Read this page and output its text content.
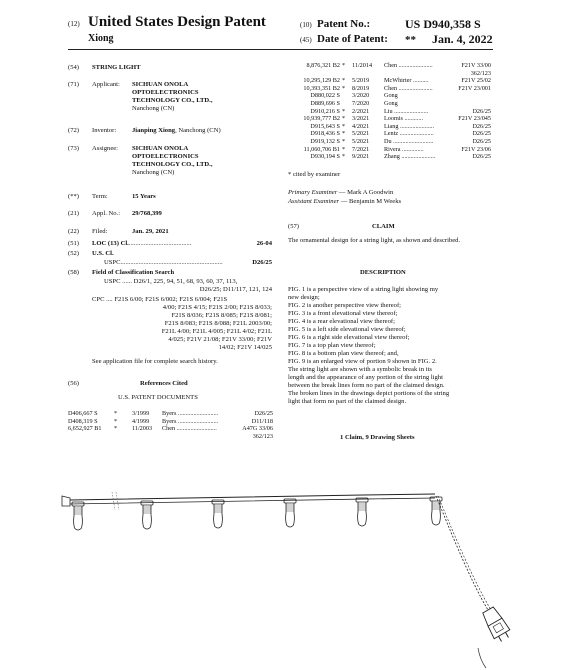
(12) United States Design Patent
Xiong
(10) Patent No.:	US D940,358 S
(45) Date of Patent: ** Jan. 4, 2022
(54) STRING LIGHT
(71) Applicant: SICHUAN ONOLA
OPTOELECTRONICS
TECHNOLOGY CO., LTD.,
Nanchong (CN)
(72) Inventor: Jianping Xiong, Nanchong (CN)
(73) Assignee: SICHUAN ONOLA
OPTOELECTRONICS
TECHNOLOGY CO., LTD.,
Nanchong (CN)
(**) Term:	15 Years
(21) Appl. No.: 29/768,399
(22) Filed:	Jan. 29, 2021
(51) LOC (13) Cl. ......................................	26-04
(52) U.S. Cl.
USPC ..............................................................	D26/25
(58) Field of Classification Search
USPC ...... D26/1, 225, 94, 51, 68, 93, 60, 37, 113,
D26/25; D11/117, 121, 124
CPC .... F21S 6/00; F21S 6/002; F21S 6/004; F21S
4/00; F21S 4/15; F21S 2/00; F21S 8/033;
F21S 8/036; F21S 8/085; F21S 8/081;
F21S 8/083; F21S 8/088; F21L 2003/00;
F21L 4/00; F21L 4/005; F21L 4/02; F21L
4/025; F21V 21/08; F21V 33/00; F21V
14/02; F21V 14/025
See application file for complete search history.
(56)	References Cited
U.S. PATENT DOCUMENTS
D406,667 S	*	3/1999	Byers ..........................	D26/25
D408,319 S	*	4/1999	Byers ..........................	D11/118
6,652,927 B1	*	11/2003	Chen ..........................	A47G 33/06
362/123
8,876,321 B2 *	11/2014	Chen ......................	F21V 33/00
362/123
10,295,129 B2 *	5/2019	McWhirter ..........	F21V 25/02
10,393,351 B2 *	8/2019	Chen ......................	F21V 23/001
D880,022 S	3/2020	Gong
D889,696 S	7/2020	Gong
D910,216 S *	2/2021	Liu ......................	D26/25
10,939,777 B2 *	3/2021	Loomis ............	F21V 23/045
D915,643 S *	4/2021	Liang ......................	D26/25
D918,436 S *	5/2021	Lentz ......................	D26/25
D919,132 S *	5/2021	Du ..........................	D26/25
11,060,706 B1 *	7/2021	Rivera ..............	F21V 23/06
D930,194 S *	9/2021	Zhang ......................	D26/25
* cited by examiner
Primary Examiner — Mark A Goodwin
Assistant Examiner — Benjamin M Weeks
(57)	CLAIM
The ornamental design for a string light, as shown and described.
DESCRIPTION
FIG. 1 is a perspective view of a string light showing my
new design;
FIG. 2 is another perspective view thereof;
FIG. 3 is a front elevational view thereof;
FIG. 4 is a rear elevational view thereof;
FIG. 5 is a left side elevational view thereof;
FIG. 6 is a right side elevational view thereof;
FIG. 7 is a top plan view thereof;
FIG. 8 is a bottom plan view thereof; and,
FIG. 9 is an enlarged view of portion 9 shown in FIG. 2.
The string light are shown with a symbolic break in its
length and the appearance of any portion of the string light
between the break lines form no part of the claimed design.
The broken lines in the drawings depict portions of the string
light that form no part of the claimed design.
1 Claim, 9 Drawing Sheets
